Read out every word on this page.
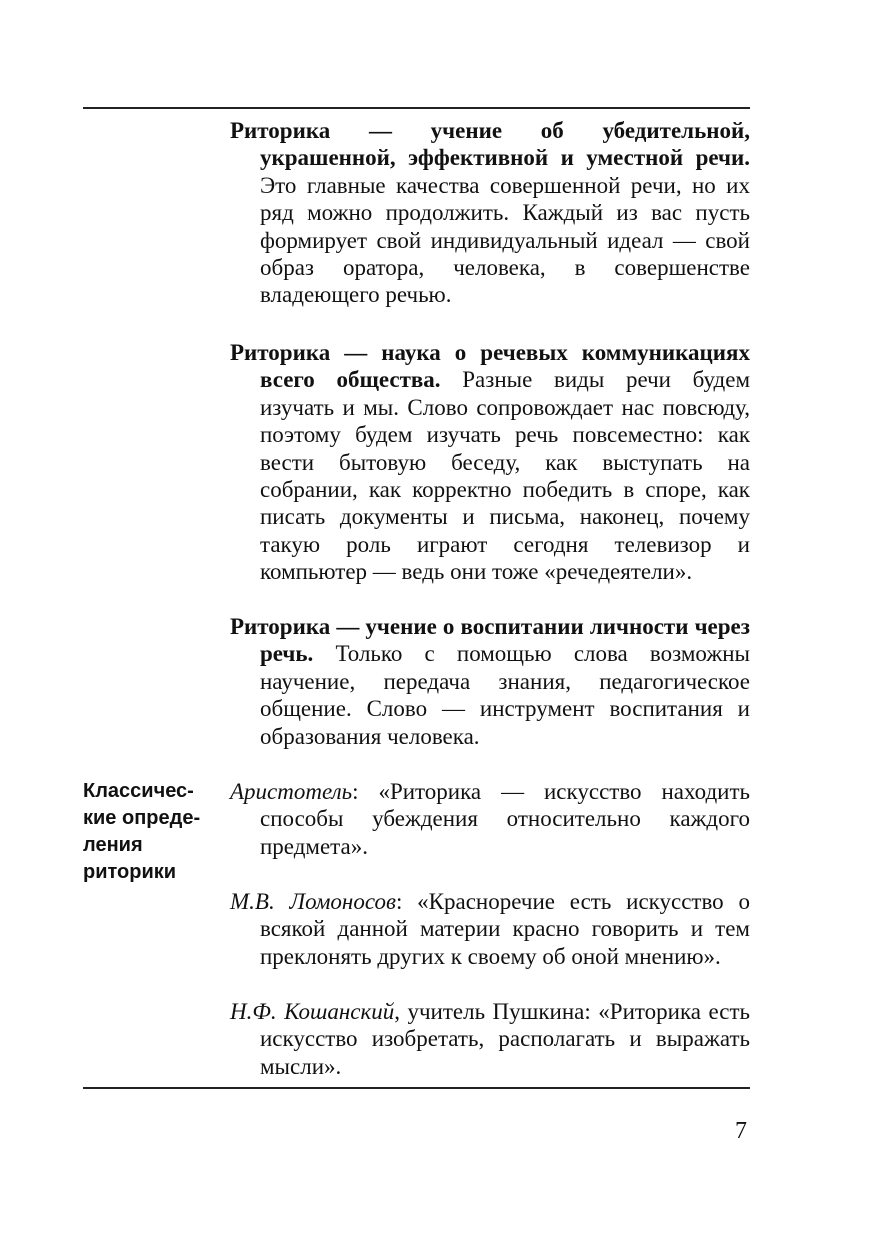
Риторика — учение об убедительной, украшенной, эффективной и уместной речи. Это главные качества совершенной речи, но их ряд можно продолжить. Каждый из вас пусть формирует свой индивидуальный идеал — свой образ оратора, человека, в совершенстве владеющего речью.

Риторика — наука о речевых коммуникациях всего общества. Разные виды речи будем изучать и мы. Слово сопровождает нас повсюду, поэтому будем изучать речь повсеместно: как вести бытовую беседу, как выступать на собрании, как корректно победить в споре, как писать документы и письма, наконец, почему такую роль играют сегодня телевизор и компьютер — ведь они тоже «речедеятели».

Риторика — учение о воспитании личности через речь. Только с помощью слова возможны научение, передача знания, педагогическое общение. Слово — инструмент воспитания и образования человека.

Аристотель: «Риторика — искусство находить способы убеждения относительно каждого предмета».

М.В. Ломоносов: «Красноречие есть искусство о всякой данной материи красно говорить и тем преклонять других к своему об оной мнению».

Н.Ф. Кошанский, учитель Пушкина: «Риторика есть искусство изобретать, располагать и выражать мысли».

Классичес-
кие опреде-
ления
риторики
7
